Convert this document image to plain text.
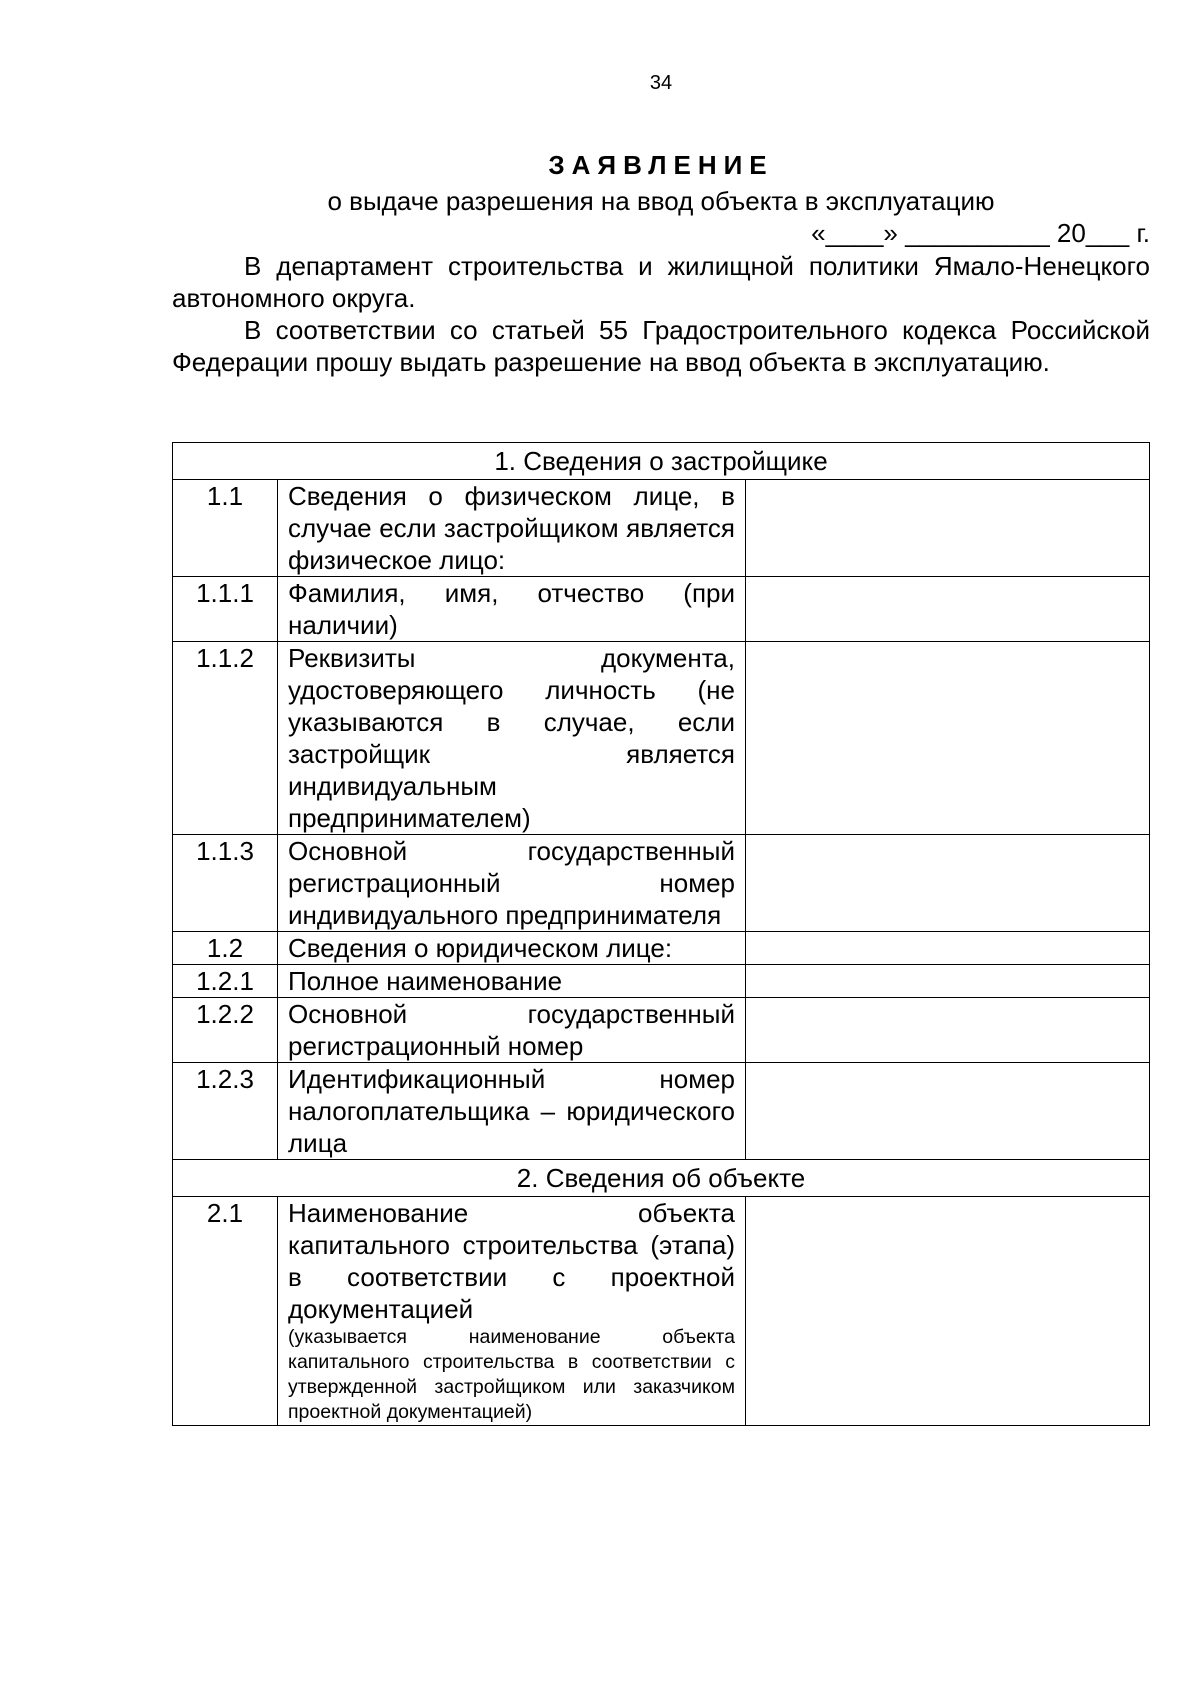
34
ЗАЯВЛЕНИЕ
о выдаче разрешения на ввод объекта в эксплуатацию
«____» __________ 20___ г.
В департамент строительства и жилищной политики Ямало-Ненецкого автономного округа.
В соответствии со статьей 55 Градостроительного кодекса Российской Федерации прошу выдать разрешение на ввод объекта в эксплуатацию.
1. Сведения о застройщике		
1.1	Сведения о физическом лице, в случае если застройщиком является физическое лицо:	
1.1.1	Фамилия, имя, отчество (при наличии)	
1.1.2	Реквизиты документа, удостоверяющего личность (не указываются в случае, если застройщик является индивидуальным предпринимателем)	
1.1.3	Основной государственный регистрационный номер индивидуального предпринимателя	
1.2	Сведения о юридическом лице:	
1.2.1	Полное наименование	
1.2.2	Основной государственный регистрационный номер	
1.2.3	Идентификационный номер налогоплательщика – юридического лица	
2. Сведения об объекте		
2.1	Наименование объекта капитального строительства (этапа) в соответствии с проектной документацией
(указывается наименование объекта капитального строительства в соответствии с утвержденной застройщиком или заказчиком проектной документацией)	
